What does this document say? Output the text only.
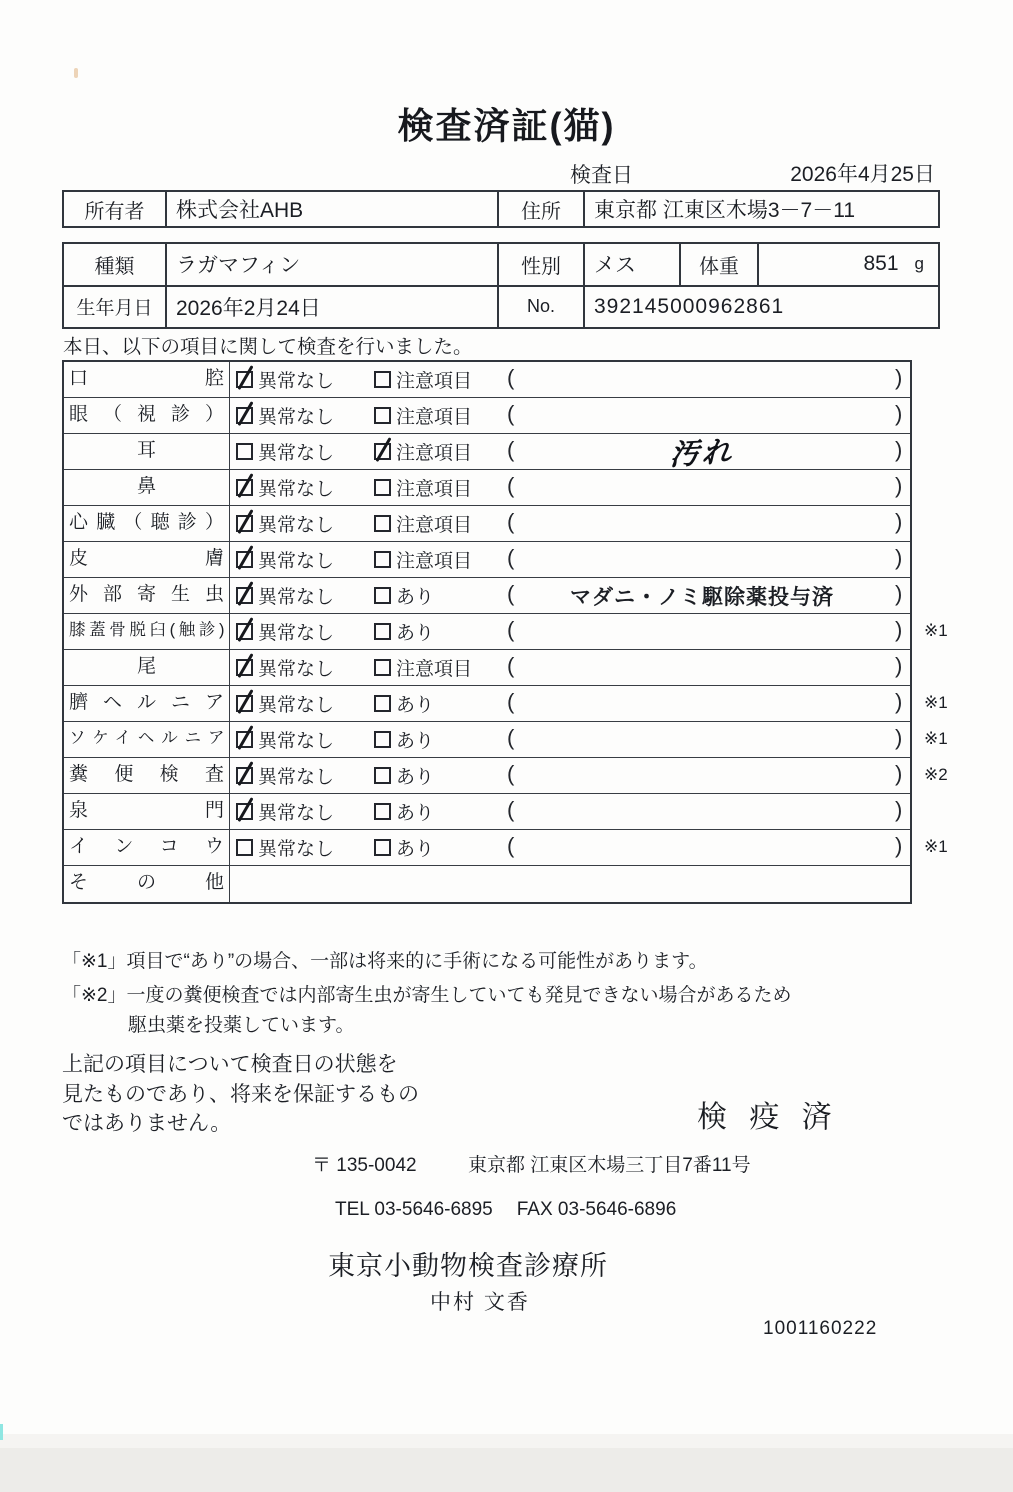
検査済証(猫)
検査日	2026年4月25日
所有者	株式会社AHB	住所	東京都 江東区木場3－7－11
種類	ラガマフィン	性別	メス	体重	851 g
生年月日	2026年2月24日	No.	392145000962861
本日、以下の項目に関して検査を行いました。
口腔	異常なし	注意項目 (	)
眼（視診）	異常なし	注意項目 (	)
耳	異常なし	注意項目 (	汚れ	)
鼻	異常なし	注意項目 (	)
心臓（聴診）	異常なし	注意項目 (	)
皮膚	異常なし	注意項目 (	)
外部寄生虫	異常なし	あり	(	マダニ・ノミ駆除薬投与済	)
膝蓋骨脱臼(触診)	異常なし	あり	(	) ※1
尾	異常なし	注意項目 (	)
臍ヘルニア	異常なし	あり	(	) ※1
ソケイヘルニア	異常なし	あり	(	) ※1
糞便検査	異常なし	あり	(	) ※2
泉門	異常なし	あり	(	)
インコウ	異常なし	あり	(	) ※1
その他
「※1」項目で“あり”の場合、一部は将来的に手術になる可能性があります。
「※2」一度の糞便検査では内部寄生虫が寄生していても発見できない場合があるため
駆虫薬を投薬しています。
上記の項目について検査日の状態を
見たものであり、将来を保証するもの
ではありません。	検 疫 済
〒 135-0042	東京都 江東区木場三丁目7番11号
TEL 03-5646-6895 FAX 03-5646-6896
東京小動物検査診療所
中村 文香
1001160222
